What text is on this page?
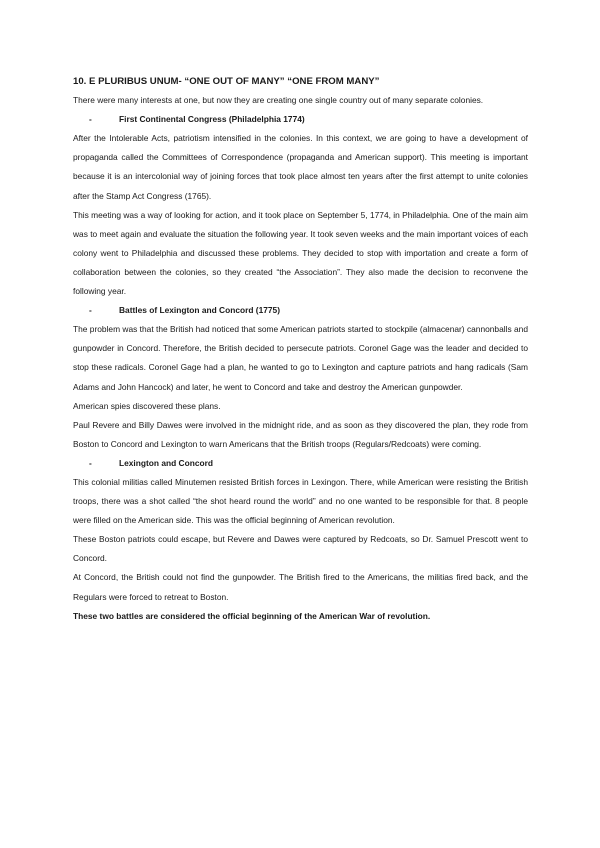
10. E PLURIBUS UNUM- “ONE OUT OF MANY” “ONE FROM MANY”

There were many interests at one, but now they are creating one single country out of many separate colonies.

-	First Continental Congress (Philadelphia 1774)

After the Intolerable Acts, patriotism intensified in the colonies. In this context, we are going to have a development of propaganda called the Committees of Correspondence (propaganda and American support). This meeting is important because it is an intercolonial way of joining forces that took place almost ten years after the first attempt to unite colonies after the Stamp Act Congress (1765).

This meeting was a way of looking for action, and it took place on September 5, 1774, in Philadelphia. One of the main aim was to meet again and evaluate the situation the following year. It took seven weeks and the main important voices of each colony went to Philadelphia and discussed these problems. They decided to stop with importation and create a form of collaboration between the colonies, so they created “the Association”. They also made the decision to reconvene the following year.

-	Battles of Lexington and Concord (1775)

The problem was that the British had noticed that some American patriots started to stockpile (almacenar) cannonballs and gunpowder in Concord. Therefore, the British decided to persecute patriots. Coronel Gage was the leader and decided to stop these radicals. Coronel Gage had a plan, he wanted to go to Lexington and capture patriots and hang radicals (Sam Adams and John Hancock) and later, he went to Concord and take and destroy the American gunpowder.

American spies discovered these plans.

Paul Revere and Billy Dawes were involved in the midnight ride, and as soon as they discovered the plan, they rode from Boston to Concord and Lexington to warn Americans that the British troops (Regulars/Redcoats) were coming.

-	Lexington and Concord

This colonial militias called Minutemen resisted British forces in Lexingon. There, while American were resisting the British troops, there was a shot called “the shot heard round the world” and no one wanted to be responsible for that. 8 people were filled on the American side. This was the official beginning of American revolution.

These Boston patriots could escape, but Revere and Dawes were captured by Redcoats, so Dr. Samuel Prescott went to Concord.

At Concord, the British could not find the gunpowder. The British fired to the Americans, the militias fired back, and the Regulars were forced to retreat to Boston.

These two battles are considered the official beginning of the American War of revolution.
